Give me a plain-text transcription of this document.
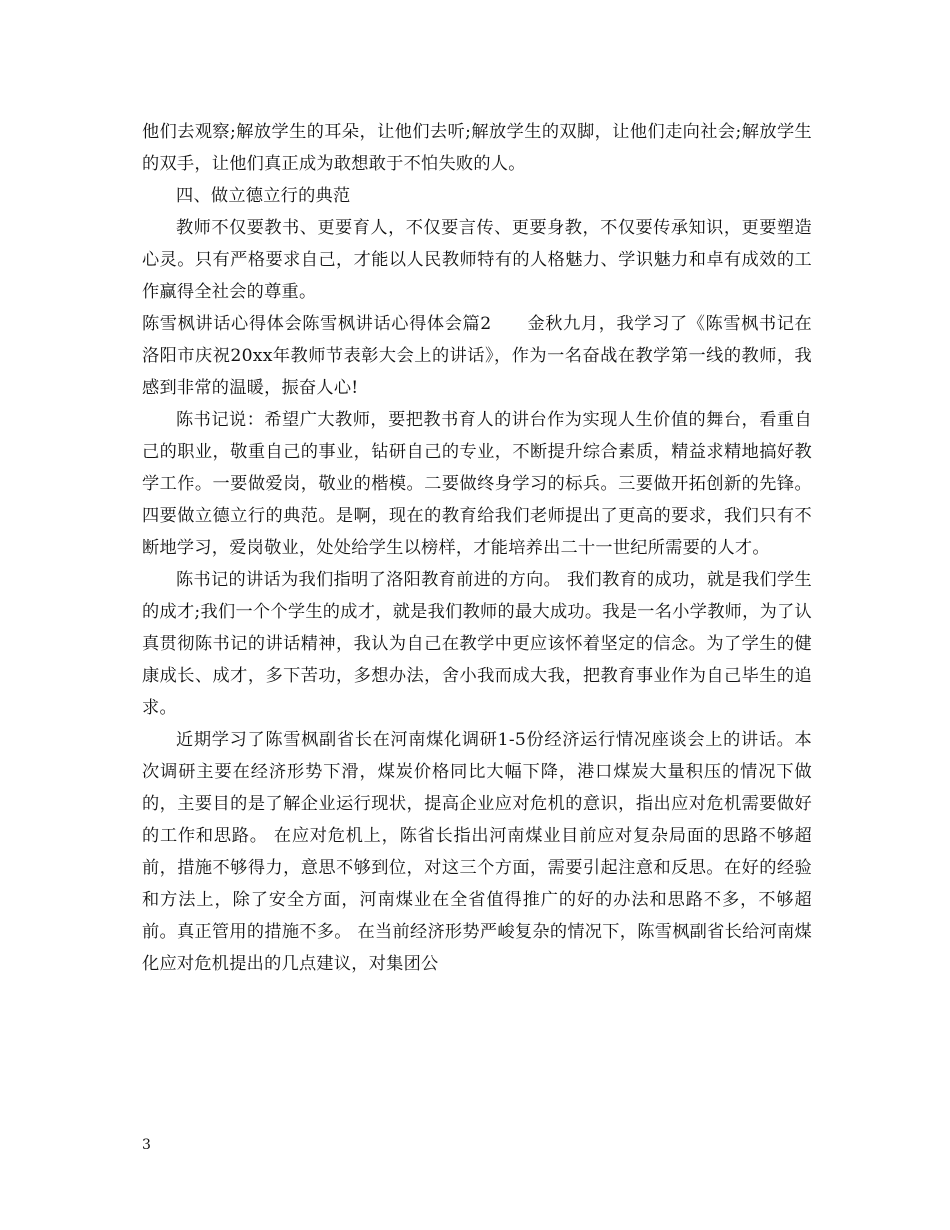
他们去观察;解放学生的耳朵，让他们去听;解放学生的双脚，让他们走向社会;解放学生的双手，让他们真正成为敢想敢于不怕失败的人。

四、做立德立行的典范

教师不仅要教书、更要育人，不仅要言传、更要身教，不仅要传承知识，更要塑造心灵。只有严格要求自己，才能以人民教师特有的人格魅力、学识魅力和卓有成效的工作赢得全社会的尊重。

陈雪枫讲话心得体会陈雪枫讲话心得体会篇2　　金秋九月，我学习了《陈雪枫书记在洛阳市庆祝20xx年教师节表彰大会上的讲话》，作为一名奋战在教学第一线的教师，我感到非常的温暖，振奋人心!

陈书记说：希望广大教师，要把教书育人的讲台作为实现人生价值的舞台，看重自己的职业，敬重自己的事业，钻研自己的专业，不断提升综合素质，精益求精地搞好教学工作。一要做爱岗，敬业的楷模。二要做终身学习的标兵。三要做开拓创新的先锋。四要做立德立行的典范。是啊，现在的教育给我们老师提出了更高的要求，我们只有不断地学习，爱岗敬业，处处给学生以榜样，才能培养出二十一世纪所需要的人才。

陈书记的讲话为我们指明了洛阳教育前进的方向。 我们教育的成功，就是我们学生的成才;我们一个个学生的成才，就是我们教师的最大成功。我是一名小学教师，为了认真贯彻陈书记的讲话精神，我认为自己在教学中更应该怀着坚定的信念。为了学生的健康成长、成才，多下苦功，多想办法，舍小我而成大我，把教育事业作为自己毕生的追求。

近期学习了陈雪枫副省长在河南煤化调研1-5份经济运行情况座谈会上的讲话。本次调研主要在经济形势下滑，煤炭价格同比大幅下降，港口煤炭大量积压的情况下做的，主要目的是了解企业运行现状，提高企业应对危机的意识，指出应对危机需要做好的工作和思路。 在应对危机上，陈省长指出河南煤业目前应对复杂局面的思路不够超前，措施不够得力，意思不够到位，对这三个方面，需要引起注意和反思。在好的经验和方法上，除了安全方面，河南煤业在全省值得推广的好的办法和思路不多，不够超前。真正管用的措施不多。 在当前经济形势严峻复杂的情况下，陈雪枫副省长给河南煤化应对危机提出的几点建议，对集团公

3
